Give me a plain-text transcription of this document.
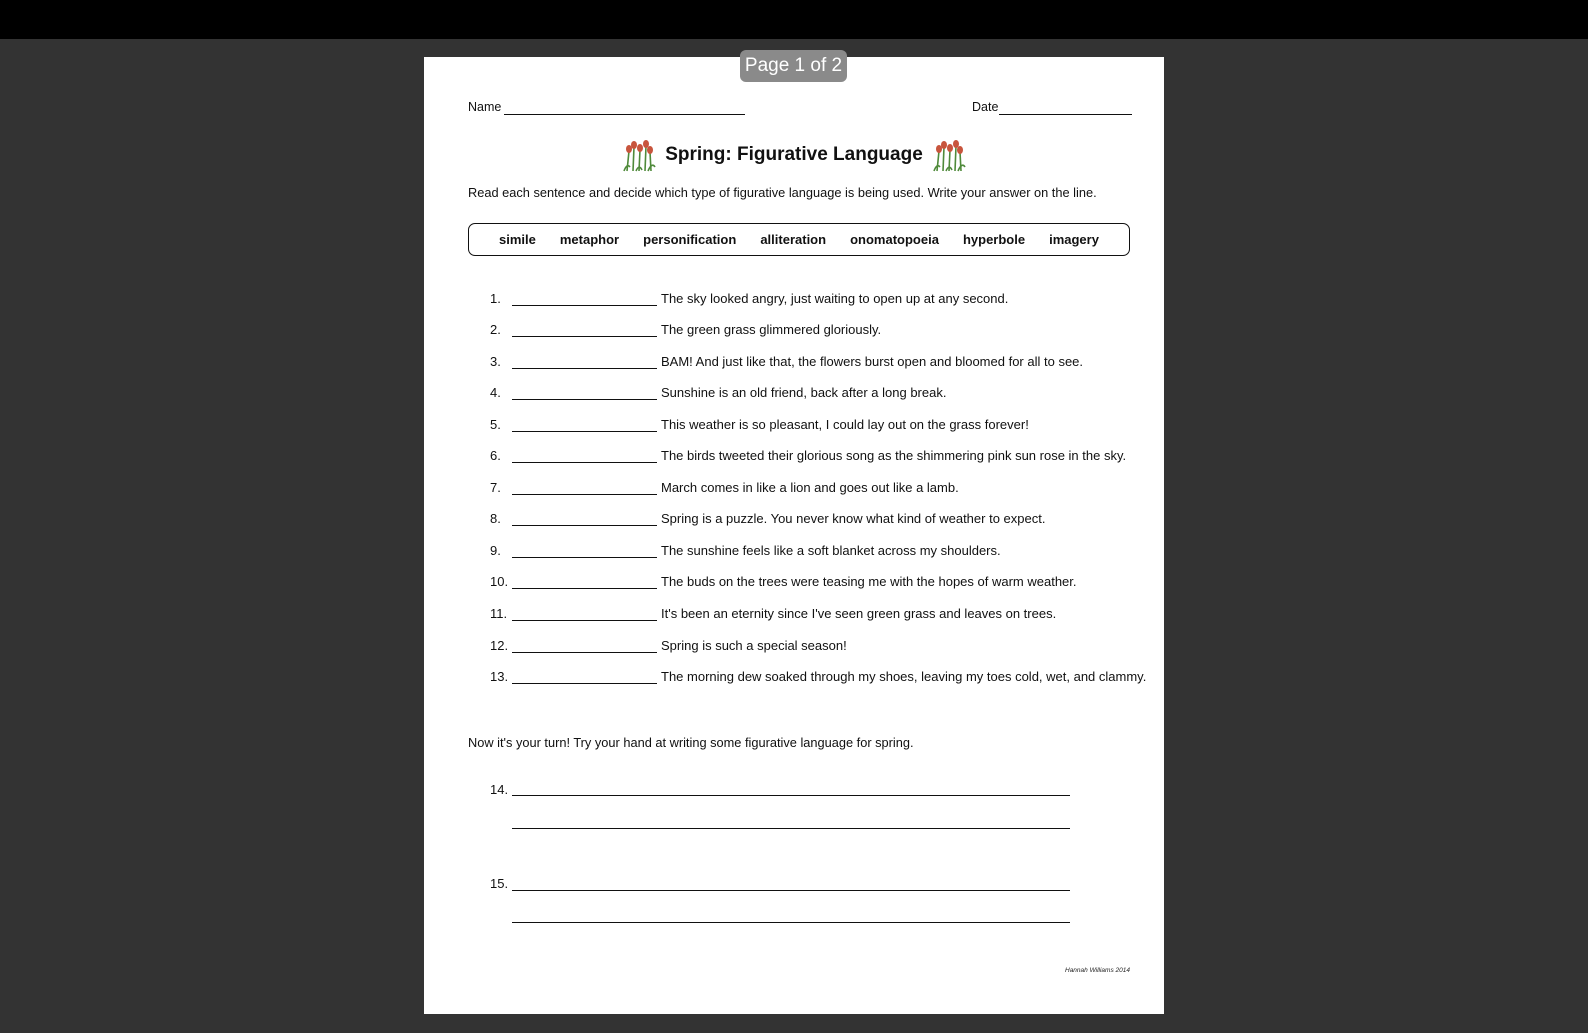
Page 1 of 2
Name	Date
Spring: Figurative Language
Read each sentence and decide which type of figurative language is being used. Write your answer on the line.
simile metaphor personification alliteration onomatopoeia hyperbole imagery
1.	The sky looked angry, just waiting to open up at any second.
2.	The green grass glimmered gloriously.
3.	BAM! And just like that, the flowers burst open and bloomed for all to see.
4.	Sunshine is an old friend, back after a long break.
5.	This weather is so pleasant, I could lay out on the grass forever!
6.	The birds tweeted their glorious song as the shimmering pink sun rose in the sky.
7.	March comes in like a lion and goes out like a lamb.
8.	Spring is a puzzle. You never know what kind of weather to expect.
9.	The sunshine feels like a soft blanket across my shoulders.
10.	The buds on the trees were teasing me with the hopes of warm weather.
11.	It's been an eternity since I've seen green grass and leaves on trees.
12.	Spring is such a special season!
13.	The morning dew soaked through my shoes, leaving my toes cold, wet, and clammy.
Now it's your turn! Try your hand at writing some figurative language for spring.
14.
15.
Hannah Williams 2014
